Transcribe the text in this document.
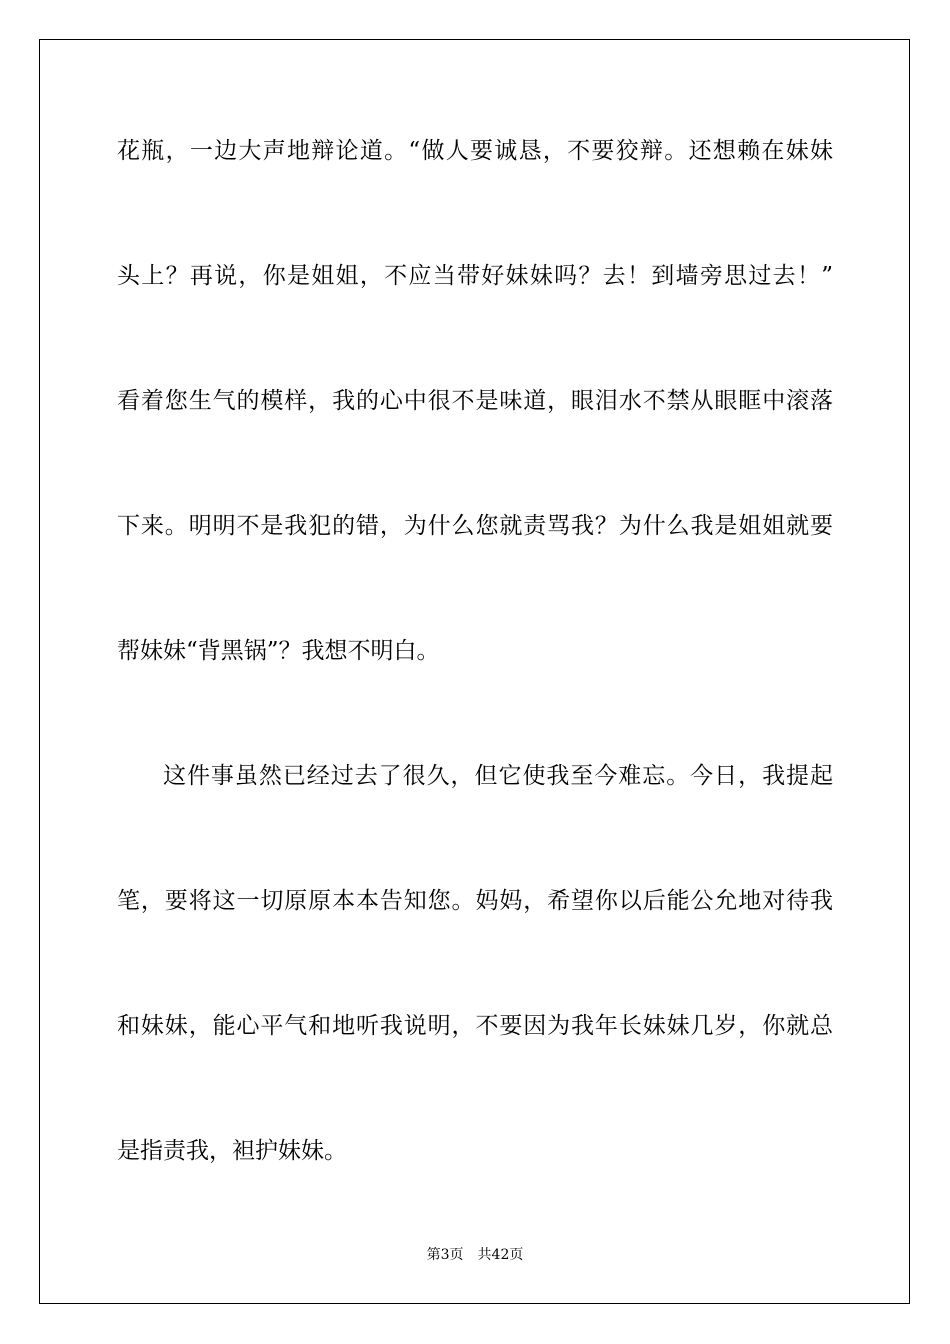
花瓶，一边大声地辩论道。“做人要诚恳，不要狡辩。还想赖在妹妹
头上？再说，你是姐姐，不应当带好妹妹吗？去！到墙旁思过去！”
看着您生气的模样，我的心中很不是味道，眼泪水不禁从眼眶中滚落
下来。明明不是我犯的错，为什么您就责骂我？为什么我是姐姐就要
帮妹妹“背黑锅”？我想不明白。
这件事虽然已经过去了很久，但它使我至今难忘。今日，我提起
笔，要将这一切原原本本告知您。妈妈，希望你以后能公允地对待我
和妹妹，能心平气和地听我说明，不要因为我年长妹妹几岁，你就总
是指责我，袒护妹妹。
第3页 共42页
